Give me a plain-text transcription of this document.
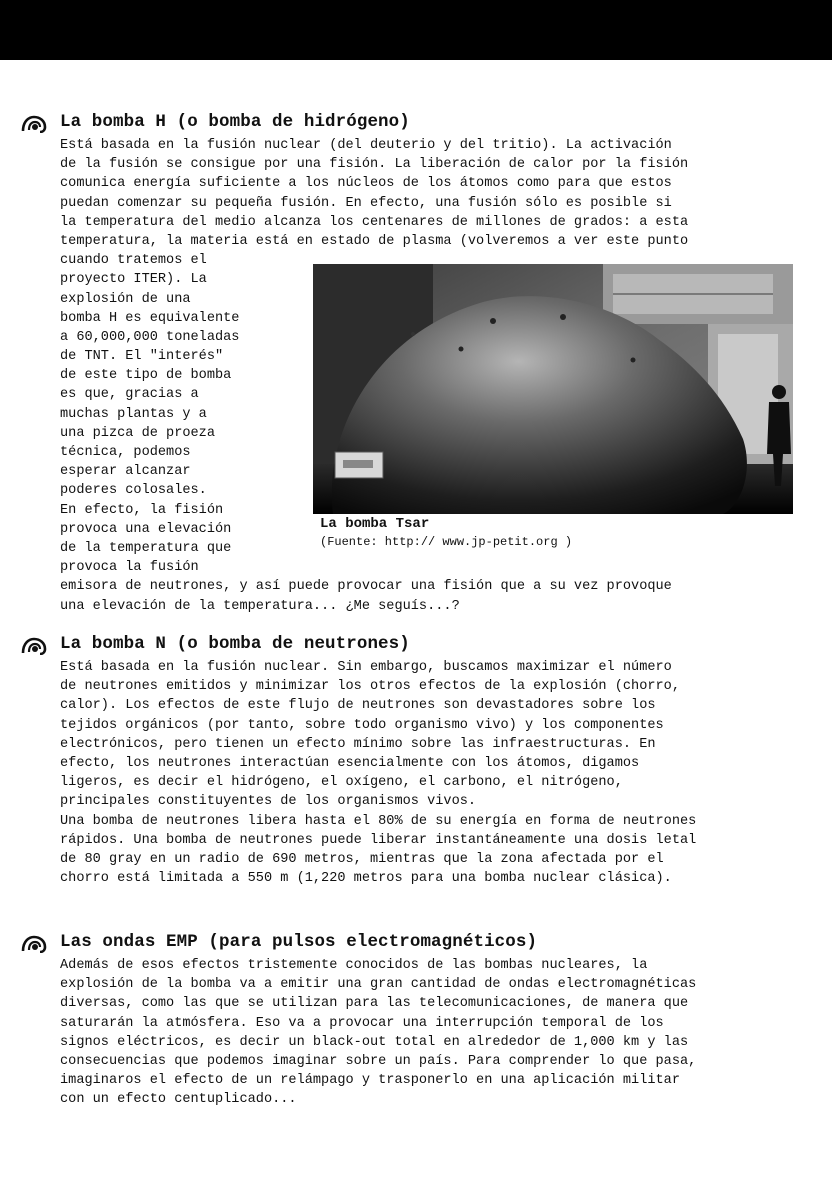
La bomba H (o bomba de hidrógeno)
Está basada en la fusión nuclear (del deuterio y del tritio). La activación
de la fusión se consigue por una fisión. La liberación de calor por la fisión
comunica energía suficiente a los núcleos de los átomos como para que estos
puedan comenzar su pequeña fusión. En efecto, una fusión sólo es posible si
la temperatura del medio alcanza los centenares de millones de grados: a esta
temperatura, la materia está en estado de plasma (volveremos a ver este punto
cuando tratemos el
proyecto ITER). La
explosión de una
bomba H es equivalente
a 60,000,000 toneladas
de TNT. El "interés"
de este tipo de bomba
es que, gracias a
muchas plantas y a
una pizca de proeza
técnica, podemos
esperar alcanzar
poderes colosales.
En efecto, la fisión
provoca una elevación
de la temperatura que
provoca la fusión
emisora de neutrones, y así puede provocar una fisión que a su vez provoque
una elevación de la temperatura... ¿Me seguís...?
La bomba Tsar
(Fuente: http:// www.jp-petit.org )
La bomba N (o bomba de neutrones)
Está basada en la fusión nuclear. Sin embargo, buscamos maximizar el número
de neutrones emitidos y minimizar los otros efectos de la explosión (chorro,
calor). Los efectos de este flujo de neutrones son devastadores sobre los
tejidos orgánicos (por tanto, sobre todo organismo vivo) y los componentes
electrónicos, pero tienen un efecto mínimo sobre las infraestructuras. En
efecto, los neutrones interactúan esencialmente con los átomos, digamos
ligeros, es decir el hidrógeno, el oxígeno, el carbono, el nitrógeno,
principales constituyentes de los organismos vivos.
Una bomba de neutrones libera hasta el 80% de su energía en forma de neutrones
rápidos. Una bomba de neutrones puede liberar instantáneamente una dosis letal
de 80 gray en un radio de 690 metros, mientras que la zona afectada por el
chorro está limitada a 550 m (1,220 metros para una bomba nuclear clásica).
Las ondas EMP (para pulsos electromagnéticos)
Además de esos efectos tristemente conocidos de las bombas nucleares, la
explosión de la bomba va a emitir una gran cantidad de ondas electromagnéticas
diversas, como las que se utilizan para las telecomunicaciones, de manera que
saturarán la atmósfera. Eso va a provocar una interrupción temporal de los
signos eléctricos, es decir un black-out total en alrededor de 1,000 km y las
consecuencias que podemos imaginar sobre un país. Para comprender lo que pasa,
imaginaros el efecto de un relámpago y trasponerlo en una aplicación militar
con un efecto centuplicado...
